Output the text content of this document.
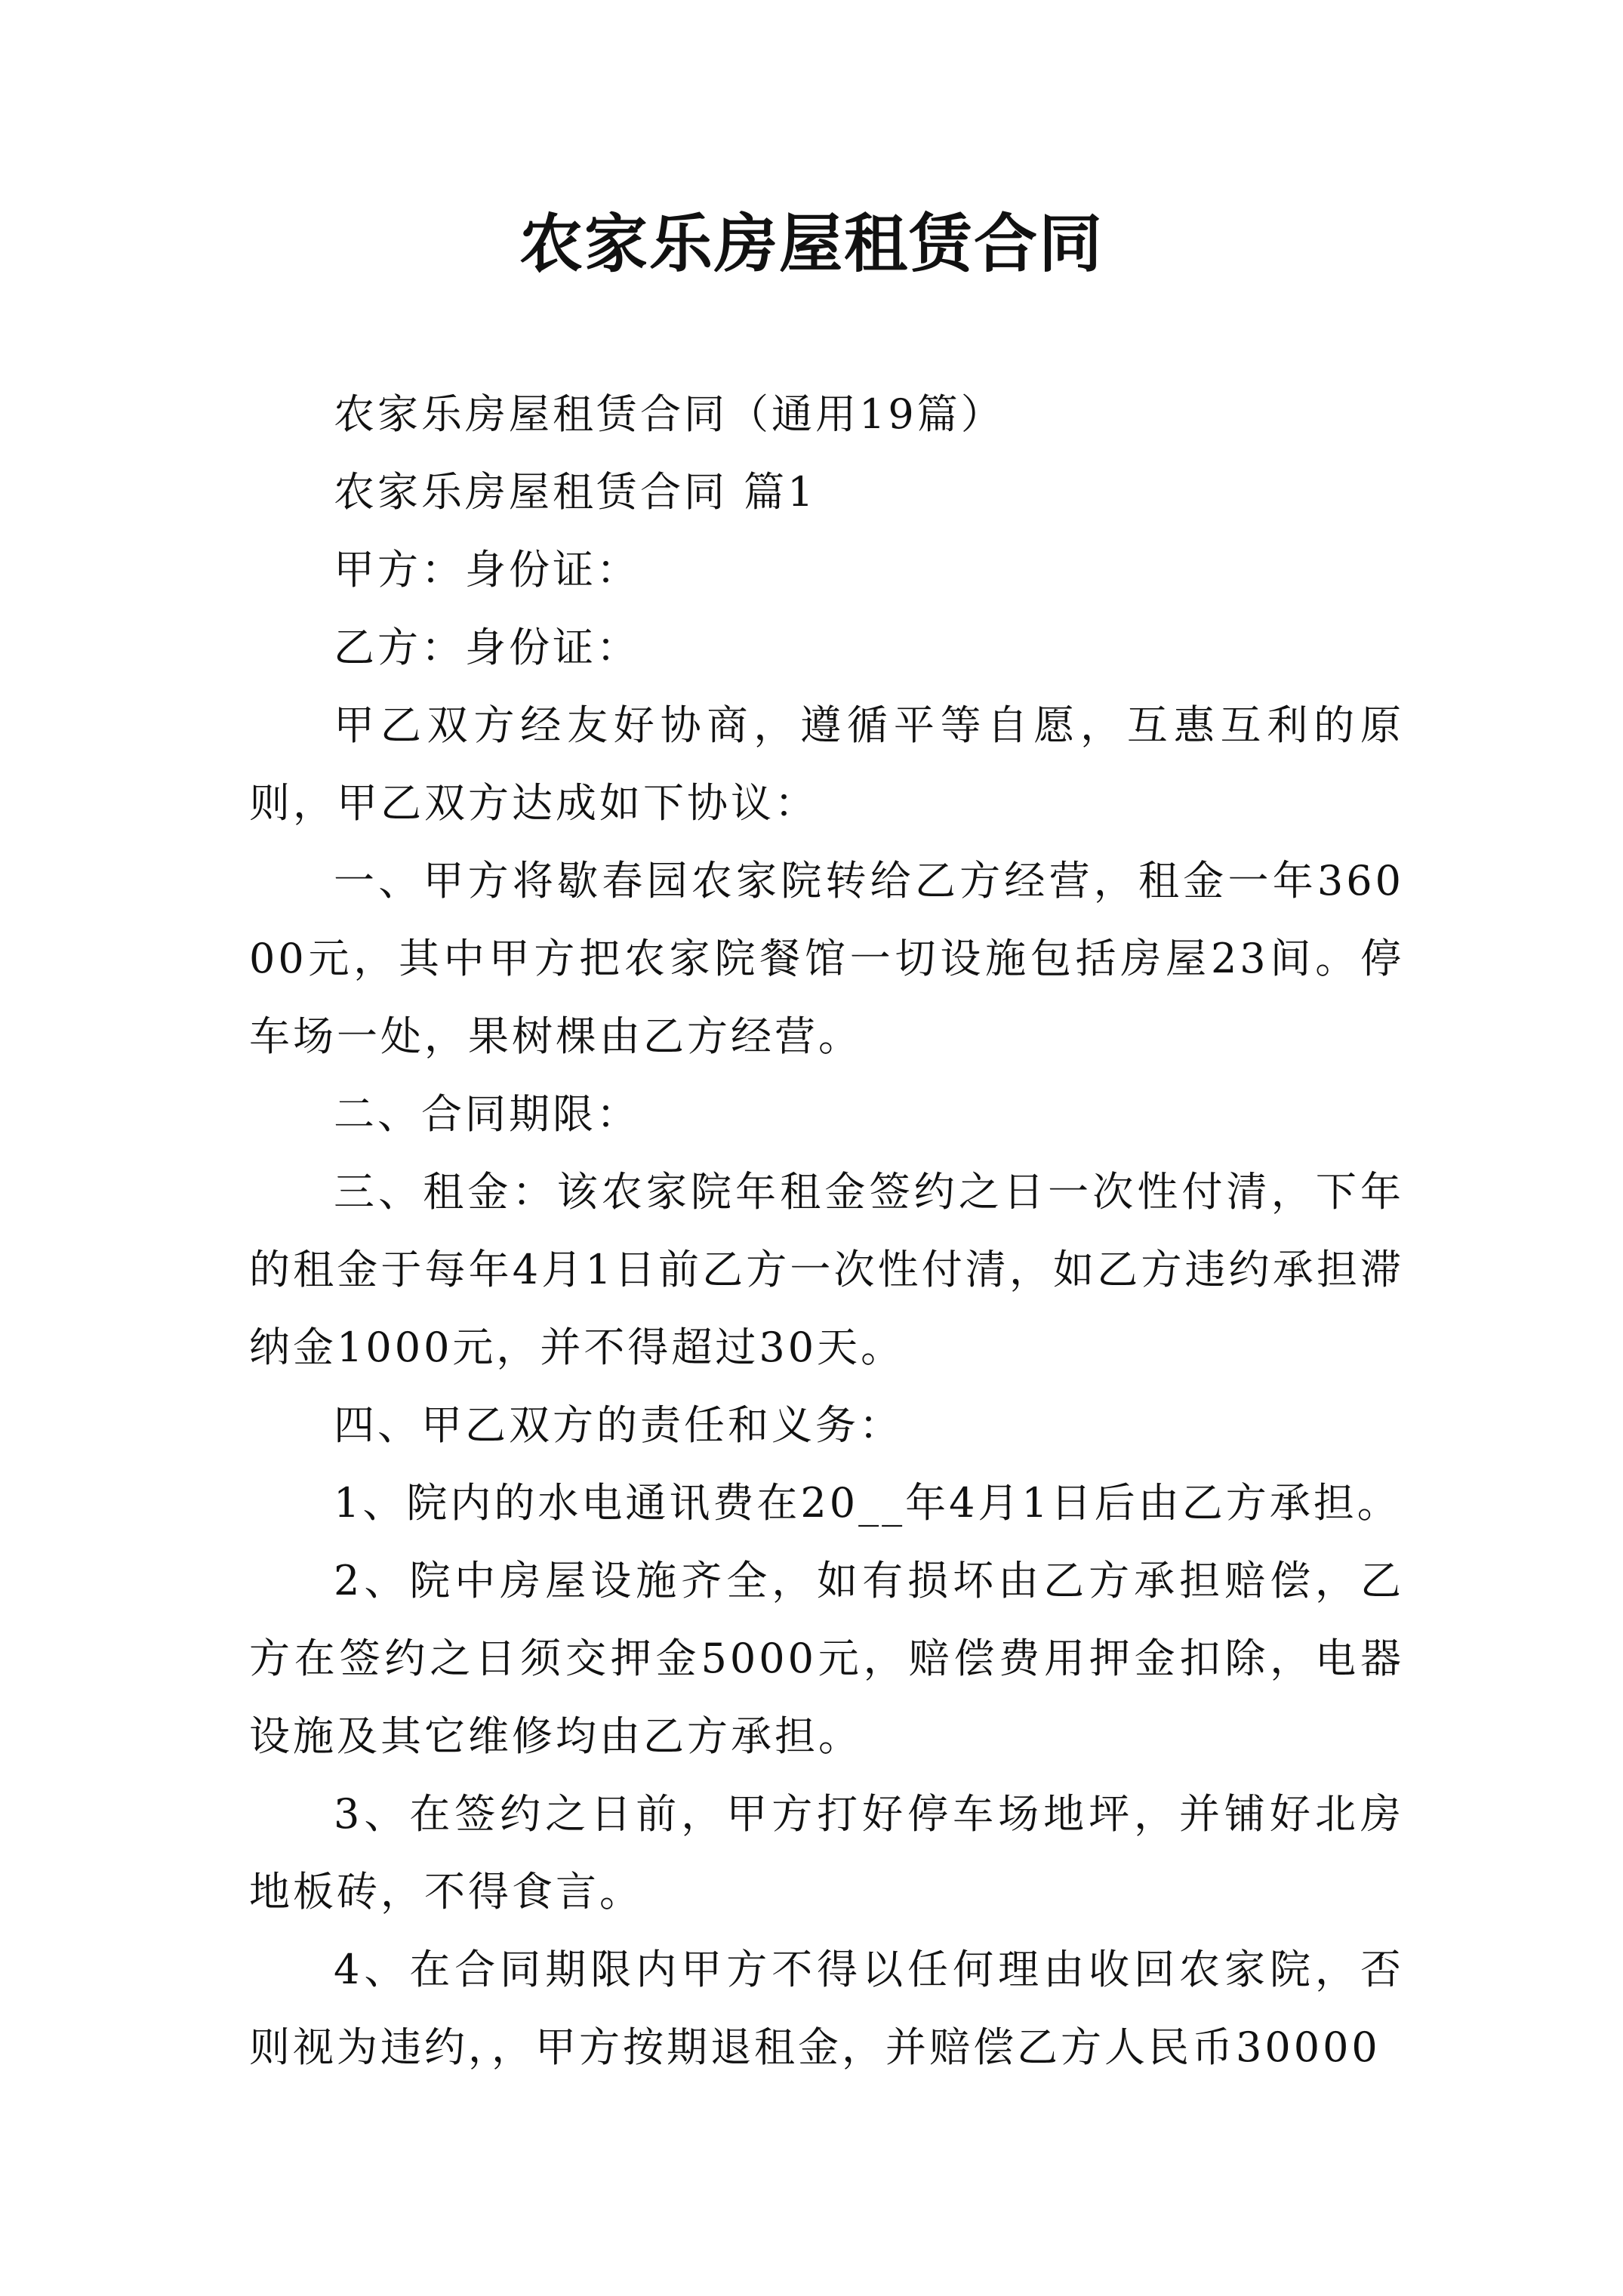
农家乐房屋租赁合同

农家乐房屋租赁合同（通用19篇）

农家乐房屋租赁合同 篇1

甲方：身份证：

乙方：身份证：

甲乙双方经友好协商，遵循平等自愿，互惠互利的原则，甲乙双方达成如下协议：

一、甲方将歇春园农家院转给乙方经营，租金一年36000元，其中甲方把农家院餐馆一切设施包括房屋23间。停车场一处，果树棵由乙方经营。

二、合同期限：

三、租金：该农家院年租金签约之日一次性付清，下年的租金于每年4月1日前乙方一次性付清，如乙方违约承担滞纳金1000元，并不得超过30天。

四、甲乙双方的责任和义务：

1、院内的水电通讯费在20__年4月1日后由乙方承担。

2、院中房屋设施齐全，如有损坏由乙方承担赔偿，乙方在签约之日须交押金5000元，赔偿费用押金扣除，电器设施及其它维修均由乙方承担。

3、在签约之日前，甲方打好停车场地坪，并铺好北房地板砖，不得食言。

4、在合同期限内甲方不得以任何理由收回农家院，否则视为违约，，甲方按期退租金，并赔偿乙方人民币30000
